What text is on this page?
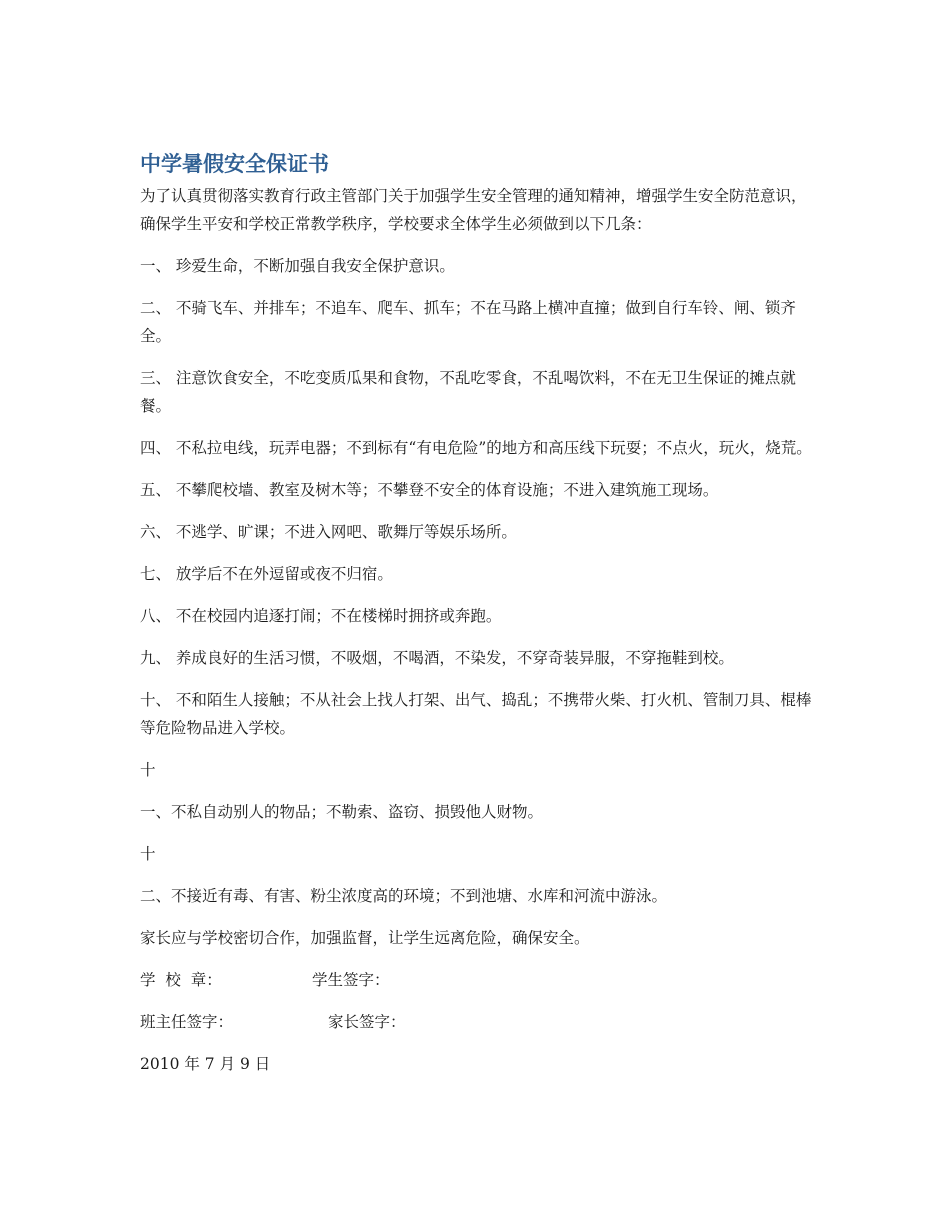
中学暑假安全保证书

为了认真贯彻落实教育行政主管部门关于加强学生安全管理的通知精神，增强学生安全防范意识，确保学生平安和学校正常教学秩序，学校要求全体学生必须做到以下几条：

一、 珍爱生命，不断加强自我安全保护意识。

二、 不骑飞车、并排车；不追车、爬车、抓车；不在马路上横冲直撞；做到自行车铃、闸、锁齐全。

三、 注意饮食安全，不吃变质瓜果和食物，不乱吃零食，不乱喝饮料，不在无卫生保证的摊点就餐。

四、 不私拉电线，玩弄电器；不到标有“有电危险”的地方和高压线下玩耍；不点火，玩火，烧荒。

五、 不攀爬校墙、教室及树木等；不攀登不安全的体育设施；不进入建筑施工现场。

六、 不逃学、旷课；不进入网吧、歌舞厅等娱乐场所。

七、 放学后不在外逗留或夜不归宿。

八、 不在校园内追逐打闹；不在楼梯时拥挤或奔跑。

九、 养成良好的生活习惯，不吸烟，不喝酒，不染发，不穿奇装异服，不穿拖鞋到校。

十、 不和陌生人接触；不从社会上找人打架、出气、捣乱；不携带火柴、打火机、管制刀具、棍棒等危险物品进入学校。

十

一、不私自动别人的物品；不勒索、盗窃、损毁他人财物。

十

二、不接近有毒、有害、粉尘浓度高的环境；不到池塘、水库和河流中游泳。

家长应与学校密切合作，加强监督，让学生远离危险，确保安全。

学  校  章：	学生签字：
班主任签字：	家长签字：

2010 年 7 月 9 日
